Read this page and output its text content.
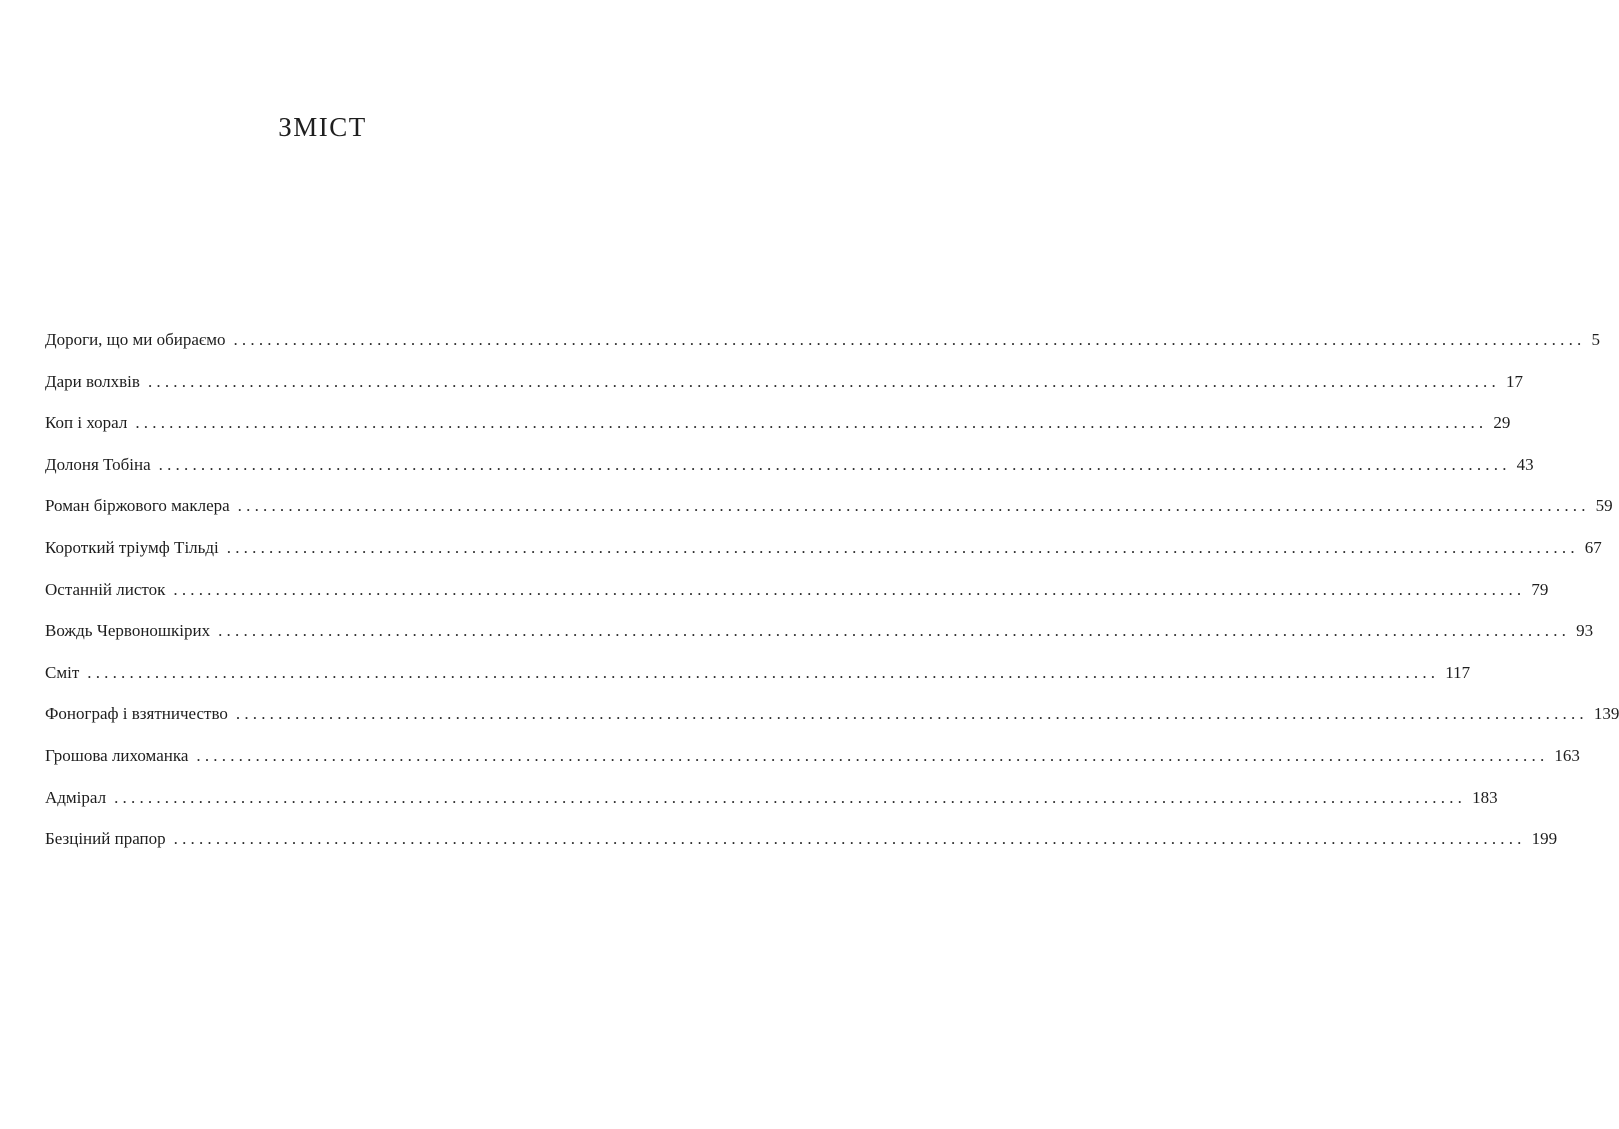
ЗМІСТ
Дороги, що ми обираємо ................................................................................................................................................................ 5
Дари волхвів ................................................................................................................................................................ 17
Коп і хорал ................................................................................................................................................................ 29
Долоня Тобіна ................................................................................................................................................................ 43
Роман біржового маклера ................................................................................................................................................................ 59
Короткий тріумф Тільді ................................................................................................................................................................ 67
Останній листок ................................................................................................................................................................ 79
Вождь Червоношкірих ................................................................................................................................................................ 93
Сміт ................................................................................................................................................................ 117
Фонограф і взятничество ................................................................................................................................................................ 139
Грошова лихоманка ................................................................................................................................................................ 163
Адмірал ................................................................................................................................................................ 183
Безціний прапор ................................................................................................................................................................ 199
